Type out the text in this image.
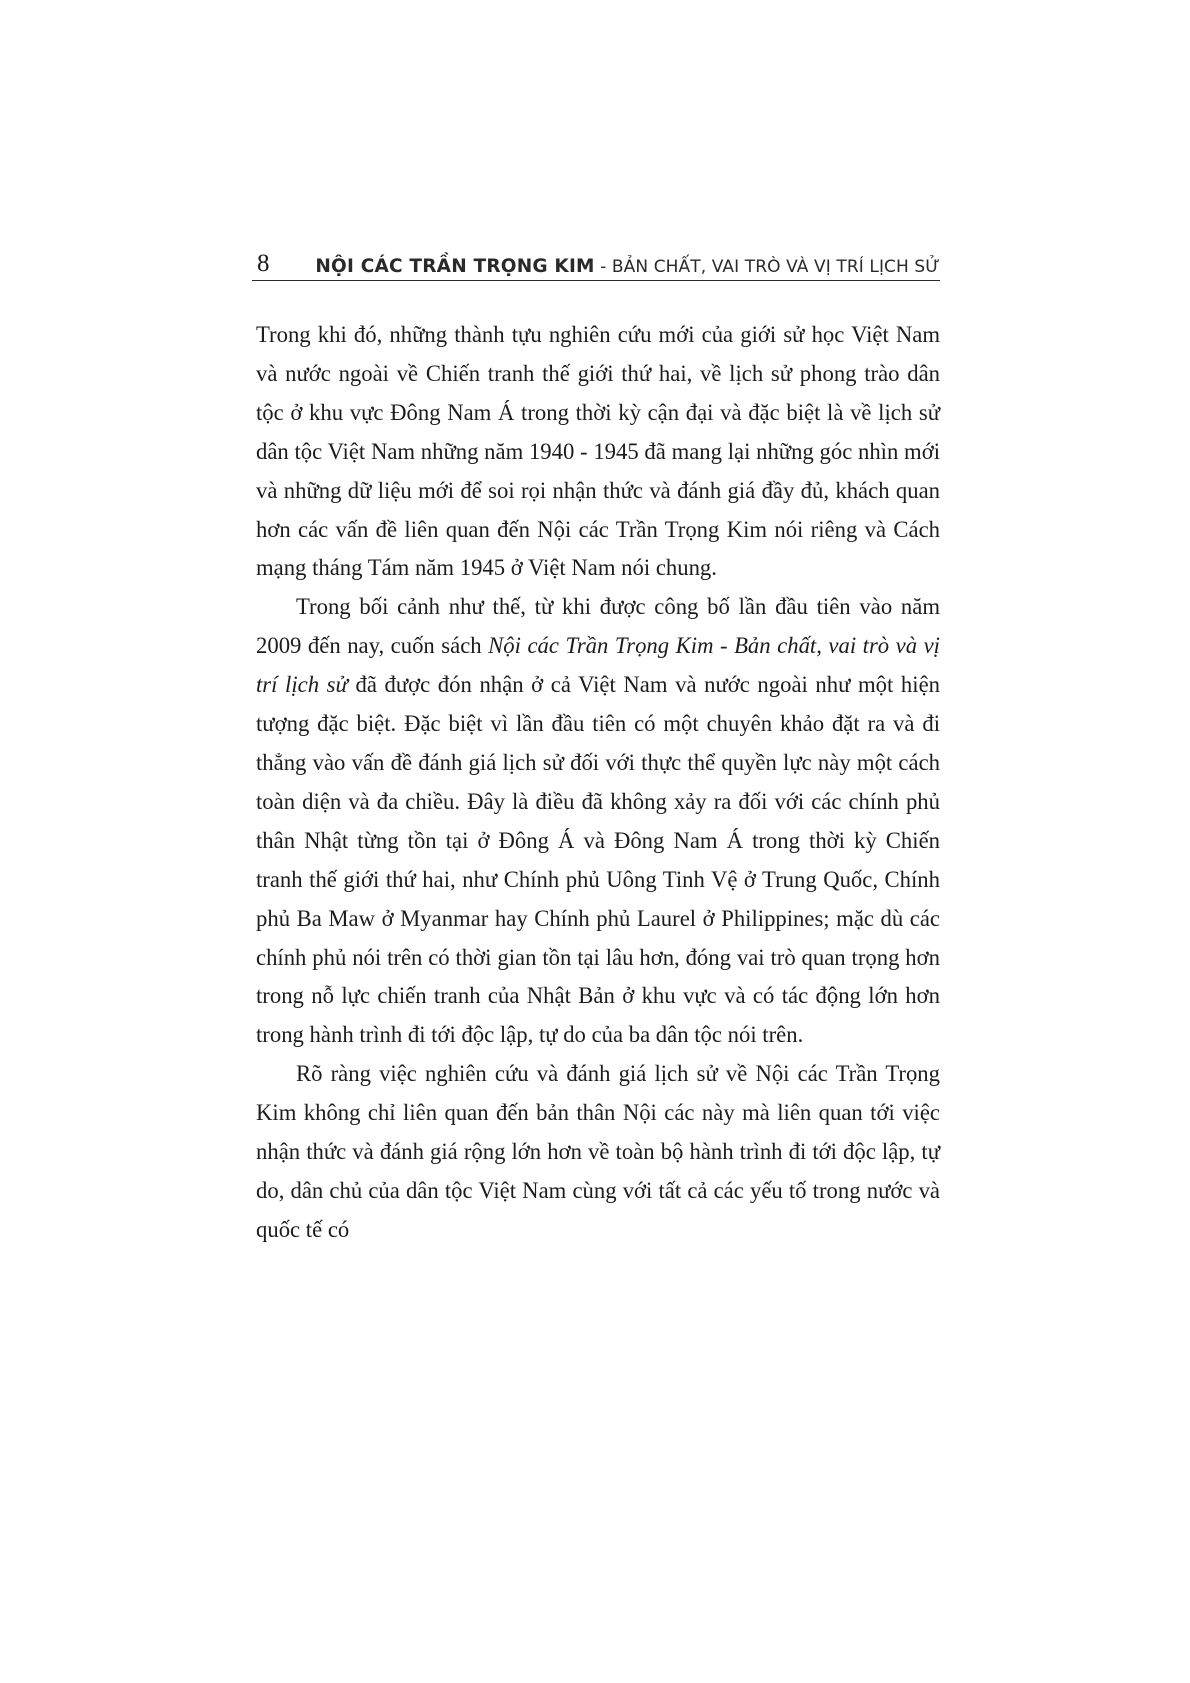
8 NỘI CÁC TRẦN TRỌNG KIM - BẢN CHẤT, VAI TRÒ VÀ VỊ TRÍ LỊCH SỬ

Trong khi đó, những thành tựu nghiên cứu mới của giới sử học Việt Nam và nước ngoài về Chiến tranh thế giới thứ hai, về lịch sử phong trào dân tộc ở khu vực Đông Nam Á trong thời kỳ cận đại và đặc biệt là về lịch sử dân tộc Việt Nam những năm 1940 - 1945 đã mang lại những góc nhìn mới và những dữ liệu mới để soi rọi nhận thức và đánh giá đầy đủ, khách quan hơn các vấn đề liên quan đến Nội các Trần Trọng Kim nói riêng và Cách mạng tháng Tám năm 1945 ở Việt Nam nói chung.

Trong bối cảnh như thế, từ khi được công bố lần đầu tiên vào năm 2009 đến nay, cuốn sách Nội các Trần Trọng Kim - Bản chất, vai trò và vị trí lịch sử đã được đón nhận ở cả Việt Nam và nước ngoài như một hiện tượng đặc biệt. Đặc biệt vì lần đầu tiên có một chuyên khảo đặt ra và đi thẳng vào vấn đề đánh giá lịch sử đối với thực thể quyền lực này một cách toàn diện và đa chiều. Đây là điều đã không xảy ra đối với các chính phủ thân Nhật từng tồn tại ở Đông Á và Đông Nam Á trong thời kỳ Chiến tranh thế giới thứ hai, như Chính phủ Uông Tinh Vệ ở Trung Quốc, Chính phủ Ba Maw ở Myanmar hay Chính phủ Laurel ở Philippines; mặc dù các chính phủ nói trên có thời gian tồn tại lâu hơn, đóng vai trò quan trọng hơn trong nỗ lực chiến tranh của Nhật Bản ở khu vực và có tác động lớn hơn trong hành trình đi tới độc lập, tự do của ba dân tộc nói trên.

Rõ ràng việc nghiên cứu và đánh giá lịch sử về Nội các Trần Trọng Kim không chỉ liên quan đến bản thân Nội các này mà liên quan tới việc nhận thức và đánh giá rộng lớn hơn về toàn bộ hành trình đi tới độc lập, tự do, dân chủ của dân tộc Việt Nam cùng với tất cả các yếu tố trong nước và quốc tế có
